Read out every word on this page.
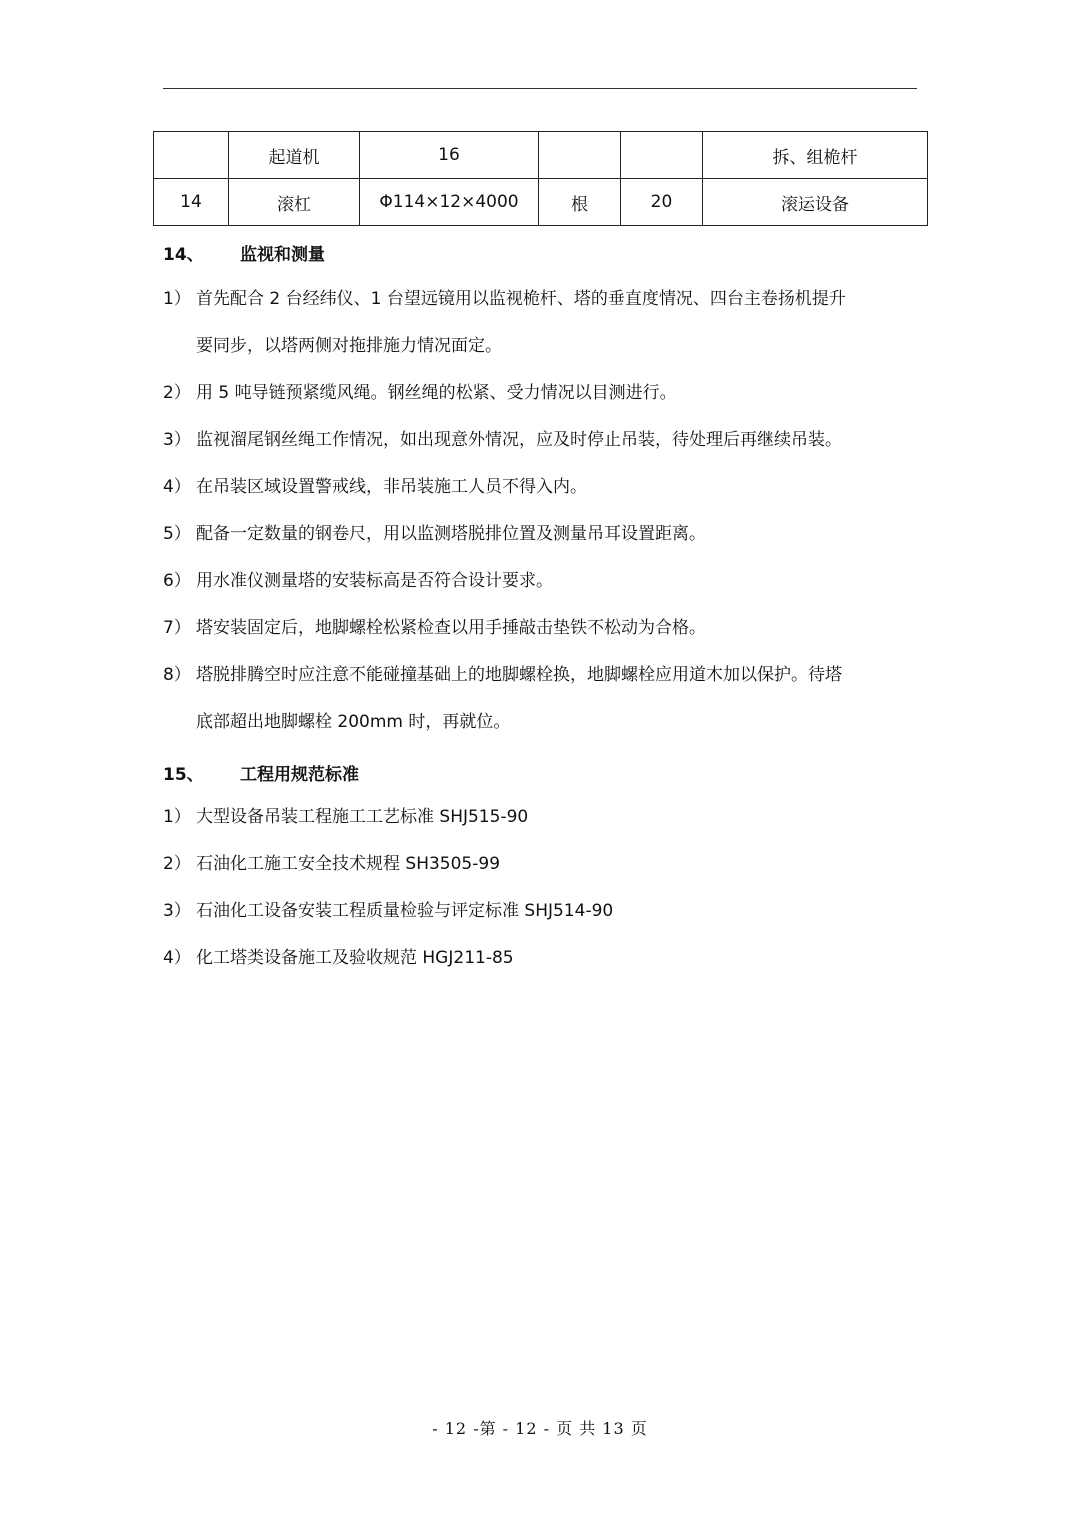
	起道机	16			拆、组桅杆
14	滚杠	Φ114×12×4000	根	20	滚运设备
14、 监视和测量
1） 首先配合 2 台经纬仪、1 台望远镜用以监视桅杆、塔的垂直度情况、四台主卷扬机提升
要同步，以塔两侧对拖排施力情况面定。
2） 用 5 吨导链预紧缆风绳。钢丝绳的松紧、受力情况以目测进行。
3） 监视溜尾钢丝绳工作情况，如出现意外情况，应及时停止吊装，待处理后再继续吊装。
4） 在吊装区域设置警戒线，非吊装施工人员不得入内。
5） 配备一定数量的钢卷尺，用以监测塔脱排位置及测量吊耳设置距离。
6） 用水准仪测量塔的安装标高是否符合设计要求。
7） 塔安装固定后，地脚螺栓松紧检查以用手捶敲击垫铁不松动为合格。
8） 塔脱排腾空时应注意不能碰撞基础上的地脚螺栓换，地脚螺栓应用道木加以保护。待塔
底部超出地脚螺栓 200mm 时，再就位。
15、 工程用规范标准
1） 大型设备吊装工程施工工艺标准 SHJ515-90
2） 石油化工施工安全技术规程 SH3505-99
3） 石油化工设备安装工程质量检验与评定标准 SHJ514-90
4） 化工塔类设备施工及验收规范 HGJ211-85
- 12 -第 - 12 - 页 共 13 页
